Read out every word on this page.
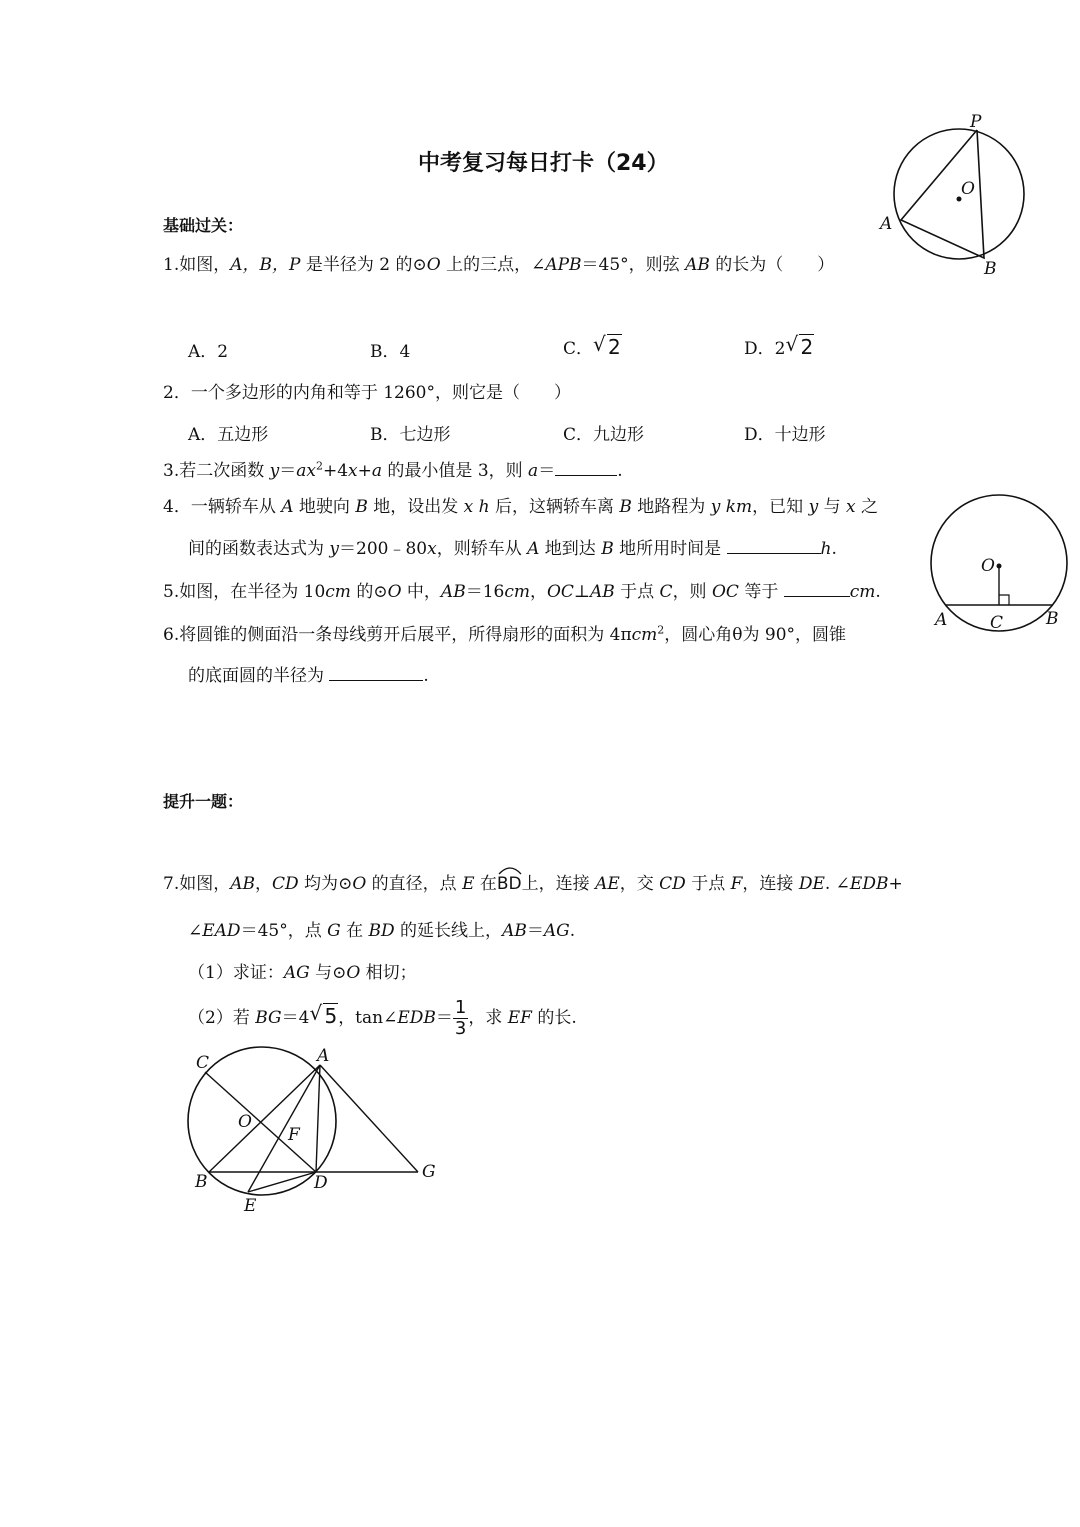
中考复习每日打卡（24）
基础过关：
1.如图，A，B，P 是半径为 2 的⊙O 上的三点，∠APB＝45°，则弦 AB 的长为（　　）
A．2	B．4	C． √ 2	D．2 √ 2
2．一个多边形的内角和等于 1260°，则它是（　　）
A．五边形	B．七边形	C．九边形	D．十边形
3.若二次函数 $y=ax^2+4x+a$ 的最小值是 3，则 a＝	.
4．一辆轿车从 A 地驶向 B 地，设出发 x h 后，这辆轿车离 B 地路程为 y km，已知 y 与 x 之
间的函数表达式为 y＝200﹣80x，则轿车从 A 地到达 B 地所用时间是	h.
5.如图，在半径为 10cm 的⊙O 中，AB＝16cm，OC⊥AB 于点 C，则 OC 等于	cm.
6.将圆锥的侧面沿一条母线剪开后展平，所得扇形的面积为 4πcm$^2$，圆心角θ为 90°，圆锥
的底面圆的半径为	.
提升一题：
7.如图，AB，CD 均为⊙O 的直径，点 E 在
BD上，连接 AE，交 CD 于点 F，连接 DE. ∠EDB+
∠EAD＝45°，点 G 在 BD 的延长线上，AB＝AG.
（1）求证：AG 与⊙O 相切；
（2）若 BG＝4 √ 5，tan∠EDB＝ $\frac{1}{3}$ ，求 EF 的长.
P
O
A
B
O
A	C	B
C	A
O
F
B	D
E
G
